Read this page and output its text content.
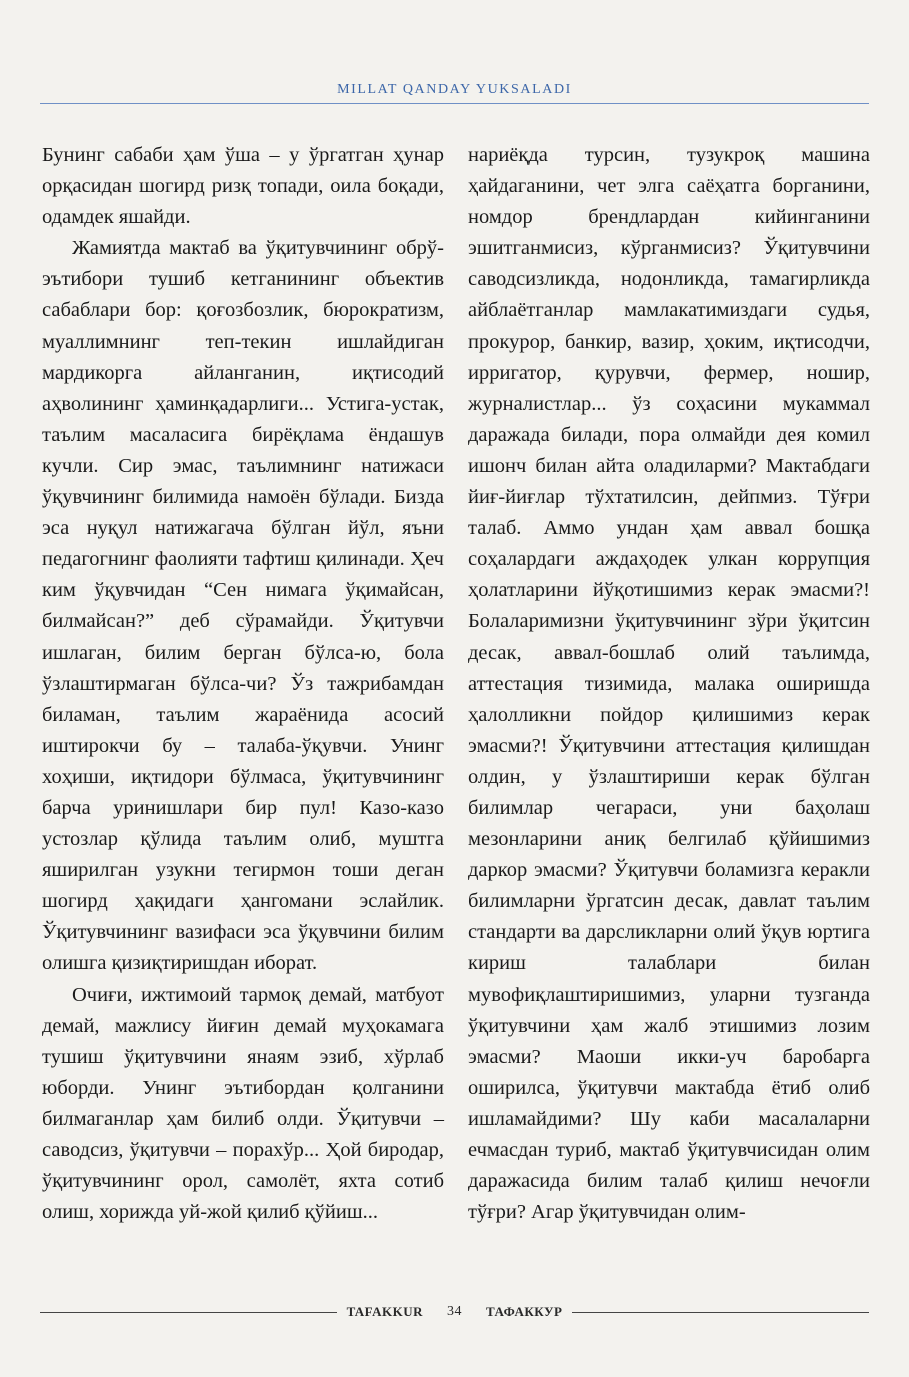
MILLAT QANDAY YUKSALADI

Бунинг сабаби ҳам ўша – у ўргатган ҳунар орқасидан шогирд ризқ топади, оила боқади, одамдек яшайди.

Жамиятда мактаб ва ўқитувчининг обрў-эътибори тушиб кетганининг объектив сабаблари бор: қоғозбозлик, бюрократизм, муаллимнинг теп-текин ишлайдиган мардикорга айланганин, иқтисодий аҳволининг ҳаминқадарлиги... Устига-устак, таълим масаласига бирёқлама ёндашув кучли. Сир эмас, таълимнинг натижаси ўқувчининг билимида намоён бўлади. Бизда эса нуқул натижагача бўлган йўл, яъни педагогнинг фаолияти тафтиш қилинади. Ҳеч ким ўқувчидан “Сен нимага ўқимайсан, билмайсан?” деб сўрамайди. Ўқитувчи ишлаган, билим берган бўлса-ю, бола ўзлаштирмаган бўлса-чи? Ўз тажрибамдан биламан, таълим жараёнида асосий иштирокчи бу – талаба-ўқувчи. Унинг хоҳиши, иқтидори бўлмаса, ўқитувчининг барча уринишлари бир пул! Казо-казо устозлар қўлида таълим олиб, муштга яширилган узукни тегирмон тоши деган шогирд ҳақидаги ҳангомани эслайлик. Ўқитувчининг вазифаси эса ўқувчини билим олишга қизиқтиришдан иборат.

Очиғи, ижтимоий тармоқ демай, матбуот демай, мажлису йиғин демай муҳокамага тушиш ўқитувчини янаям эзиб, хўрлаб юборди. Унинг эътибордан қолганини билмаганлар ҳам билиб олди. Ўқитувчи – саводсиз, ўқитувчи – порахўр... Ҳой биродар, ўқитувчининг орол, самолёт, яхта сотиб олиш, хорижда уй-жой қилиб қўйиш...

нариёқда турсин, тузукроқ машина ҳайдаганини, чет элга саёҳатга борганини, номдор брендлардан кийинганини эшитганмисиз, кўрганмисиз? Ўқитувчини саводсизликда, нодонликда, тамагирликда айблаётганлар мамлакатимиздаги судья, прокурор, банкир, вазир, ҳоким, иқтисодчи, ирригатор, қурувчи, фермер, ношир, журналистлар... ўз соҳасини мукаммал даражада билади, пора олмайди дея комил ишонч билан айта оладиларми? Мактабдаги йиғ-йиғлар тўхтатилсин, дейпмиз. Тўғри талаб. Аммо ундан ҳам аввал бошқа соҳалардаги аждаҳодек улкан коррупция ҳолатларини йўқотишимиз керак эмасми?! Болаларимизни ўқитувчининг зўри ўқитсин десак, аввал-бошлаб олий таълимда, аттестация тизимида, малака оширишда ҳалолликни пойдор қилишимиз керак эмасми?! Ўқитувчини аттестация қилишдан олдин, у ўзлаштириши керак бўлган билимлар чегараси, уни баҳолаш мезонларини аниқ белгилаб қўйишимиз даркор эмасми? Ўқитувчи боламизга керакли билимларни ўргатсин десак, давлат таълим стандарти ва дарсликларни олий ўқув юртига кириш талаблари билан мувофиқлаштиришимиз, уларни тузганда ўқитувчини ҳам жалб этишимиз лозим эмасми? Маоши икки-уч баробарга оширилса, ўқитувчи мактабда ётиб олиб ишламайдими? Шу каби масалаларни ечмасдан туриб, мактаб ўқитувчисидан олим даражасида билим талаб қилиш нечоғли тўғри? Агар ўқитувчидан олим-

TAFAKKUR	34	ТАФАККУР
